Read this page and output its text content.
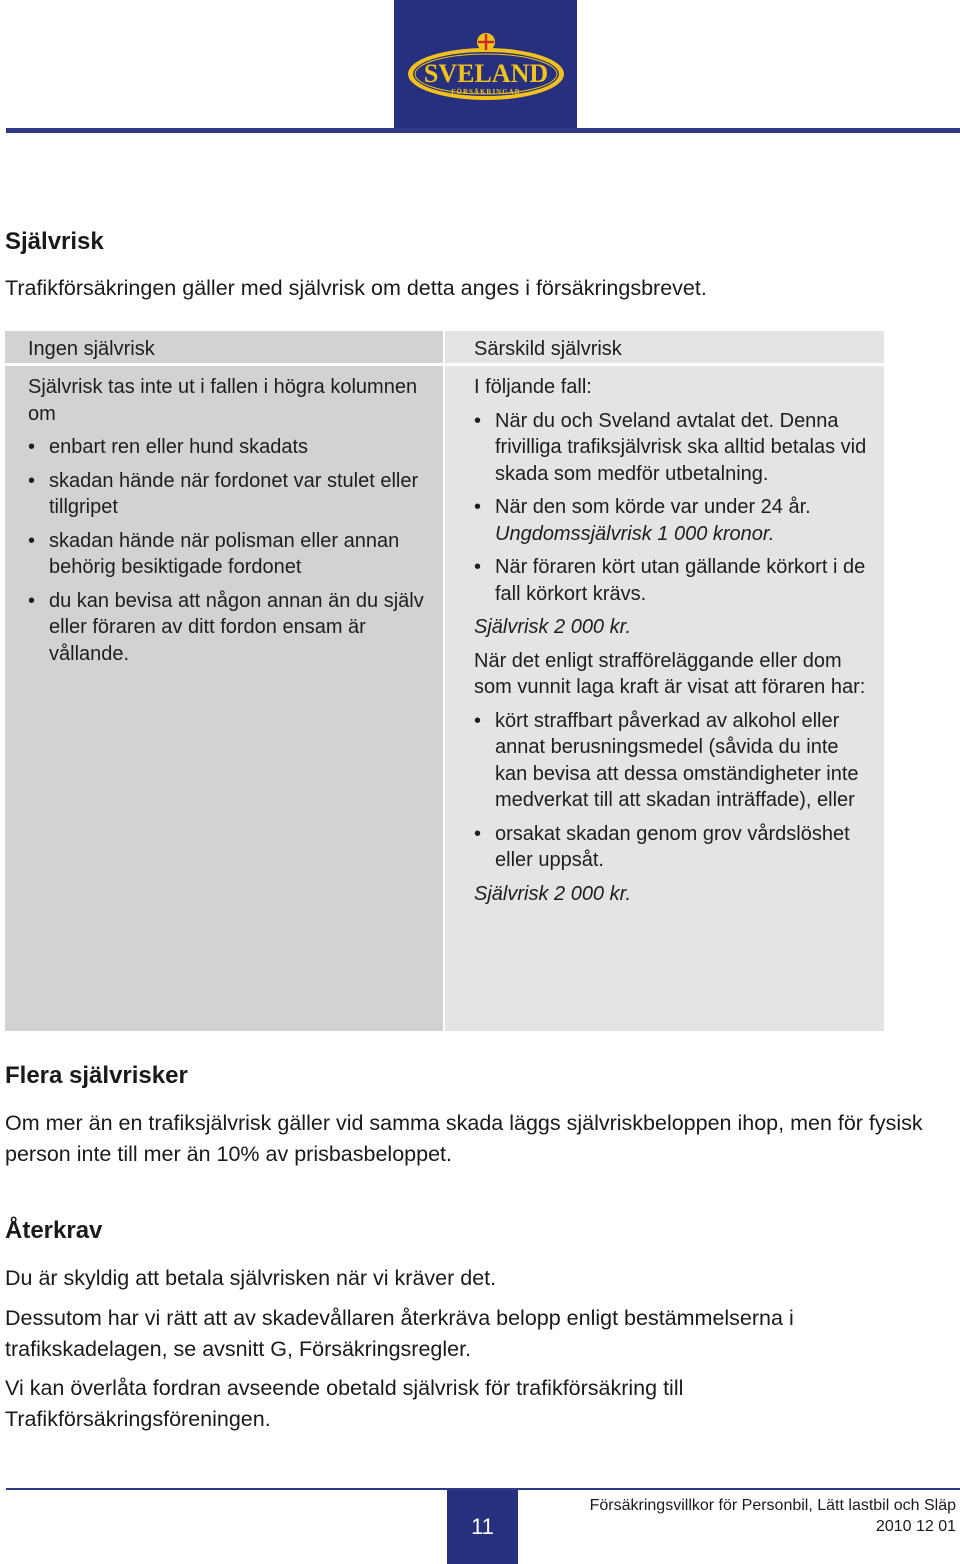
SVELAND
FÖRSÄKRINGAR
Självrisk

Trafikförsäkringen gäller med självrisk om detta anges i försäkringsbrevet.

Ingen självrisk

Självrisk tas inte ut i fallen i högra kolumnen om

• enbart ren eller hund skadats
• skadan hände när fordonet var stulet eller tillgripet
• skadan hände när polisman eller annan behörig besiktigade fordonet
• du kan bevisa att någon annan än du själv eller föraren av ditt fordon ensam är vållande.
Särskild självrisk

I följande fall:

• När du och Sveland avtalat det. Denna frivilliga trafiksjälvrisk ska alltid betalas vid skada som medför utbetalning.
• När den som körde var under 24 år.
Ungdomssjälvrisk 1 000 kronor.
• När föraren kört utan gällande körkort i de fall körkort krävs.

Självrisk 2 000 kr.

När det enligt strafföreläggande eller dom som vunnit laga kraft är visat att föraren har:

• kört straffbart påverkad av alkohol eller annat berusningsmedel (såvida du inte kan bevisa att dessa omständigheter inte medverkat till att skadan inträffade), eller
• orsakat skadan genom grov vårdslöshet eller uppsåt.

Självrisk 2 000 kr.

Flera självrisker

Om mer än en trafiksjälvrisk gäller vid samma skada läggs självriskbeloppen ihop, men för fysisk person inte till mer än 10% av prisbasbeloppet.

Återkrav

Du är skyldig att betala självrisken när vi kräver det.

Dessutom har vi rätt att av skadevållaren återkräva belopp enligt bestämmelserna i trafikskadelagen, se avsnitt G, Försäkringsregler.

Vi kan överlåta fordran avseende obetald självrisk för trafikförsäkring till Trafikförsäkringsföreningen.

11
Försäkringsvillkor för Personbil, Lätt lastbil och Släp
2010 12 01
